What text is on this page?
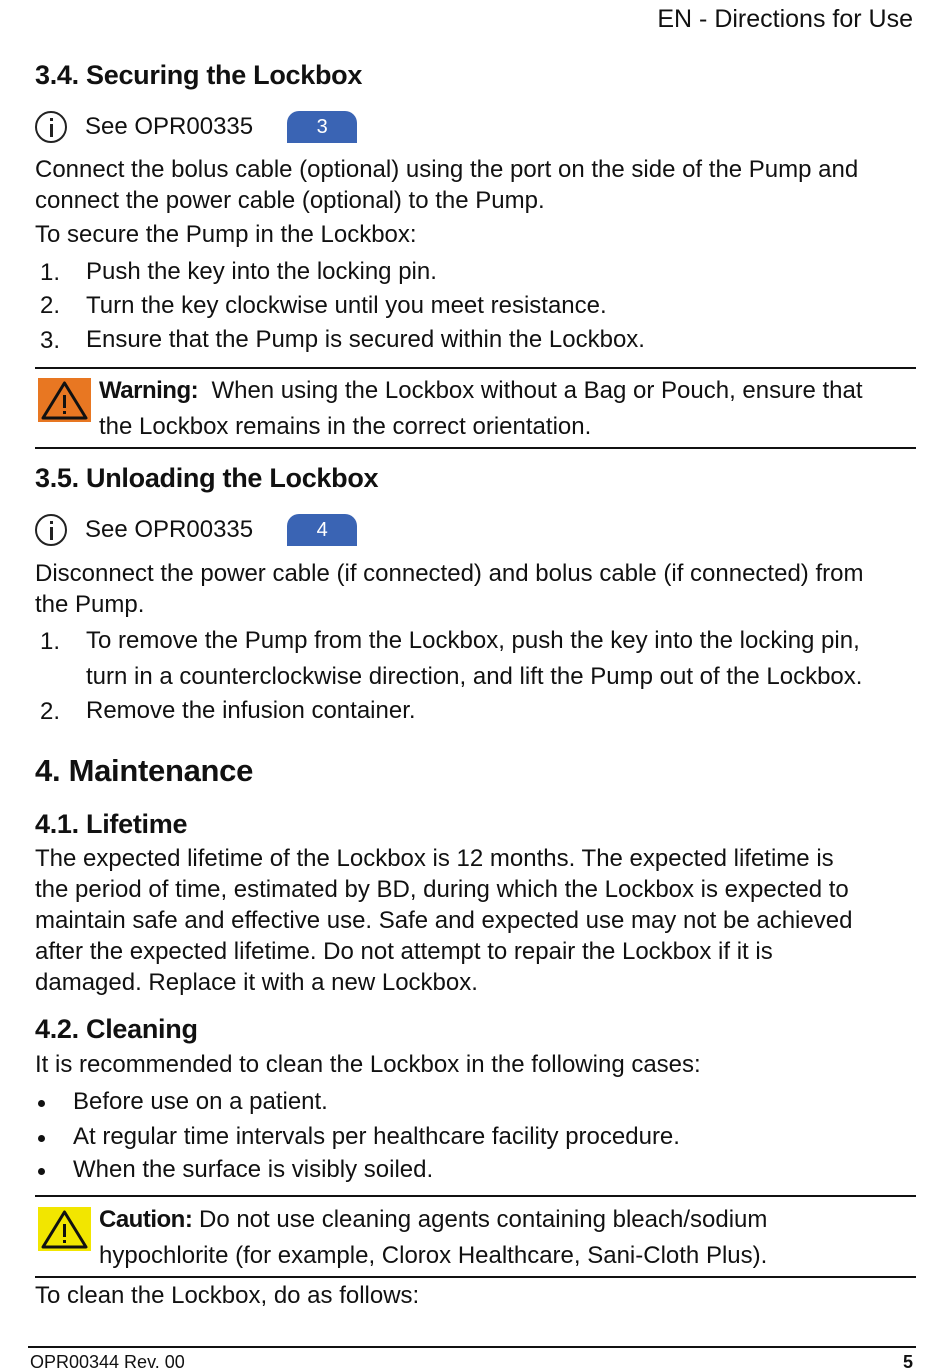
EN - Directions for Use
3.4. Securing the Lockbox
See OPR00335	3
Connect the bolus cable (optional) using the port on the side of the Pump and
connect the power cable (optional) to the Pump.
To secure the Pump in the Lockbox:
1. Push the key into the locking pin.
2. Turn the key clockwise until you meet resistance.
3. Ensure that the Pump is secured within the Lockbox.
Warning: When using the Lockbox without a Bag or Pouch, ensure that
the Lockbox remains in the correct orientation.
3.5. Unloading the Lockbox
See OPR00335	4
Disconnect the power cable (if connected) and bolus cable (if connected) from
the Pump.
1. To remove the Pump from the Lockbox, push the key into the locking pin,
turn in a counterclockwise direction, and lift the Pump out of the Lockbox.
2. Remove the infusion container.
4. Maintenance
4.1. Lifetime
The expected lifetime of the Lockbox is 12 months. The expected lifetime is
the period of time, estimated by BD, during which the Lockbox is expected to
maintain safe and effective use. Safe and expected use may not be achieved
after the expected lifetime. Do not attempt to repair the Lockbox if it is
damaged. Replace it with a new Lockbox.
4.2. Cleaning
It is recommended to clean the Lockbox in the following cases:
Before use on a patient.
At regular time intervals per healthcare facility procedure.
When the surface is visibly soiled.
Caution: Do not use cleaning agents containing bleach/sodium
hypochlorite (for example, Clorox Healthcare, Sani-Cloth Plus).
To clean the Lockbox, do as follows:
OPR00344 Rev. 00	5
